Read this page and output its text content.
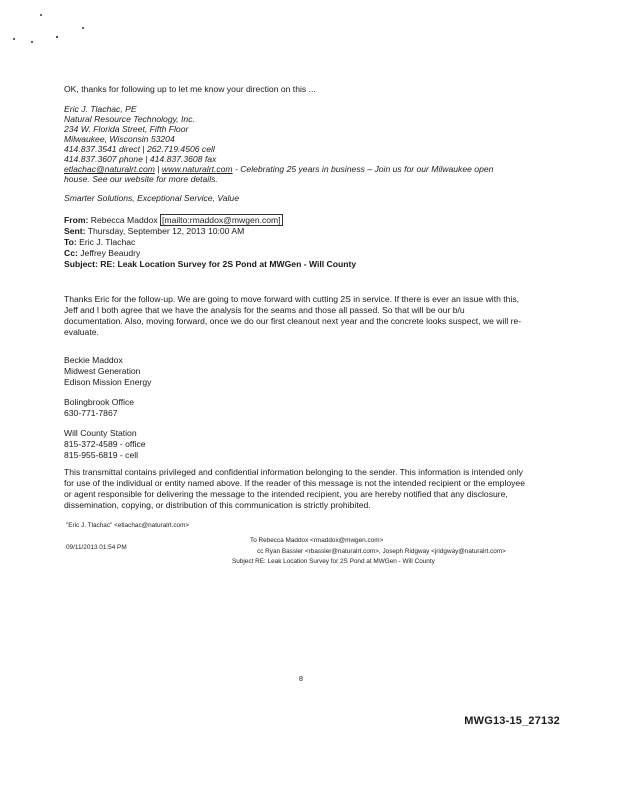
OK, thanks for following up to let me know your direction on this ...
Eric J. Tlachac, PE
Natural Resource Technology, Inc.
234 W. Florida Street, Fifth Floor
Milwaukee, Wisconsin 53204
414.837.3541 direct | 262.719.4506 cell
414.837.3607 phone | 414.837.3608 fax
etlachac@naturalrt.com | www.naturalrt.com - Celebrating 25 years in business – Join us for our Milwaukee open
house. See our website for more details.
Smarter Solutions, Exceptional Service, Value
From: Rebecca Maddox [mailto:rmaddox@mwgen.com]
Sent: Thursday, September 12, 2013 10:00 AM
To: Eric J. Tlachac
Cc: Jeffrey Beaudry
Subject: RE: Leak Location Survey for 2S Pond at MWGen - Will County
Thanks Eric for the follow-up. We are going to move forward with cutting 2S in service. If there is ever an issue with this,
Jeff and I both agree that we have the analysis for the seams and those all passed. So that will be our b/u
documentation. Also, moving forward, once we do our first cleanout next year and the concrete looks suspect, we will re-
evaluate.
Beckie Maddox
Midwest Generation
Edison Mission Energy
Bolingbrook Office
630-771-7867
Will County Station
815-372-4589 - office
815-955-6819 - cell
This transmittal contains privileged and confidential information belonging to the sender. This information is intended only
for use of the individual or entity named above. If the reader of this message is not the intended recipient or the employee
or agent responsible for delivering the message to the intended recipient, you are hereby notified that any disclosure,
dissemination, copying, or distribution of this communication is strictly prohibited.
"Eric J. Tlachac" <etlachac@naturalrt.com>
09/11/2013 01:54 PM
To Rebecca Maddox <rmaddox@mwgen.com>
cc Ryan Bassler <rbassler@naturalrt.com>, Joseph Ridgway <jridgway@naturalrt.com>
Subject RE: Leak Location Survey for 2S Pond at MWGen - Will County
8
MWG13-15_27132
